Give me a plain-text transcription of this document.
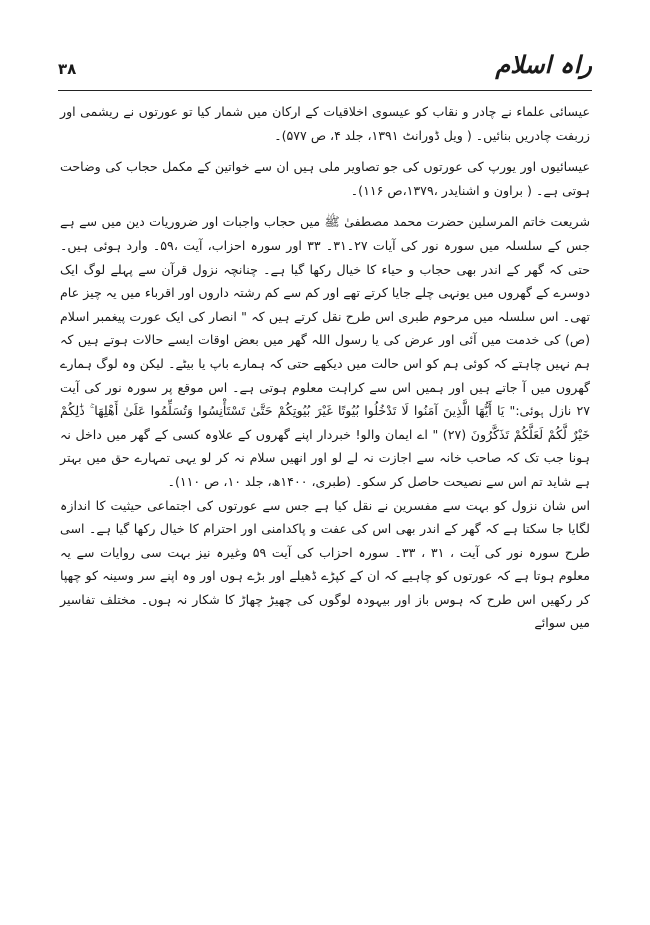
۳۸	راہ اسلام

عیسائی علماء نے چادر و نقاب کو عیسوی اخلاقیات کے ارکان میں شمار کیا تو عورتوں نے ریشمی اور زربفت چادریں بنائیں۔ ( ویل ڈورانٹ ۱۳۹۱، جلد ۴، ص ۵۷۷)۔

عیسائیوں اور یورپ کی عورتوں کی جو تصاویر ملی ہیں ان سے خواتین کے مکمل حجاب کی وضاحت ہوتی ہے۔ ( براون و اشنایدر ،۱۳۷۹،ص ۱۱۶)۔

شریعت خاتم المرسلین حضرت محمد مصطفیٰ ﷺ میں حجاب واجبات اور ضروریات دین میں سے ہے جس کے سلسلہ میں سورہ نور کی آیات ۲۷۔۳۱۔ ۳۳ اور سورہ احزاب، آیت ،۵۹۔ وارد ہوئی ہیں۔ حتی کہ گھر کے اندر بھی حجاب و حیاء کا خیال رکھا گیا ہے۔ چنانچہ نزول قرآن سے پہلے لوگ ایک دوسرے کے گھروں میں یونہی چلے جایا کرتے تھے اور کم سے کم رشتہ داروں اور اقرباء میں یہ چیز عام تھی۔ اس سلسلہ میں مرحوم طبری اس طرح نقل کرتے ہیں کہ " انصار کی ایک عورت پیغمبر اسلام (ص) کی خدمت میں آئی اور عرض کی یا رسول اللہ گھر میں بعض اوقات ایسے حالات ہوتے ہیں کہ ہم نہیں چاہتے کہ کوئی ہم کو اس حالت میں دیکھے حتی کہ ہمارے باپ یا بیٹے۔ لیکن وہ لوگ ہمارے گھروں میں آ جاتے ہیں اور ہمیں اس سے کراہت معلوم ہوتی ہے۔ اس موقع پر سورہ نور کی آیت ۲۷ نازل ہوئی:" يَا أَيُّهَا الَّذِينَ آمَنُوا لَا تَدْخُلُوا بُيُوتًا غَيْرَ بُيُوتِكُمْ حَتَّىٰ تَسْتَأْنِسُوا وَتُسَلِّمُوا عَلَىٰ أَهْلِهَا ۚ ذَٰلِكُمْ خَيْرٌ لَّكُمْ لَعَلَّكُمْ تَذَكَّرُونَ (۲۷) " اے ایمان والو! خبردار اپنے گھروں کے علاوہ کسی کے گھر میں داخل نہ ہونا جب تک کہ صاحب خانہ سے اجازت نہ لے لو اور انھیں سلام نہ کر لو یہی تمہارے حق میں بہتر ہے شاید تم اس سے نصیحت حاصل کر سکو۔ (طبری، ۱۴۰۰ھ، جلد ۱۰، ص ۱۱۰)۔

اس شان نزول کو بہت سے مفسرین نے نقل کیا ہے جس سے عورتوں کی اجتماعی حیثیت کا اندازہ لگایا جا سکتا ہے کہ گھر کے اندر بھی اس کی عفت و پاکدامنی اور احترام کا خیال رکھا گیا ہے۔ اسی طرح سورہ نور کی آیت ، ۳۱ ، ۳۳۔ سورہ احزاب کی آیت ۵۹ وغیرہ نیز بہت سی روایات سے یہ معلوم ہوتا ہے کہ عورتوں کو چاہیے کہ ان کے کپڑے ڈھیلے اور بڑے ہوں اور وہ اپنے سر وسینہ کو چھپا کر رکھیں اس طرح کہ ہوس باز اور بیہودہ لوگوں کی چھیڑ چھاڑ کا شکار نہ ہوں۔ مختلف تفاسیر میں سوائے
